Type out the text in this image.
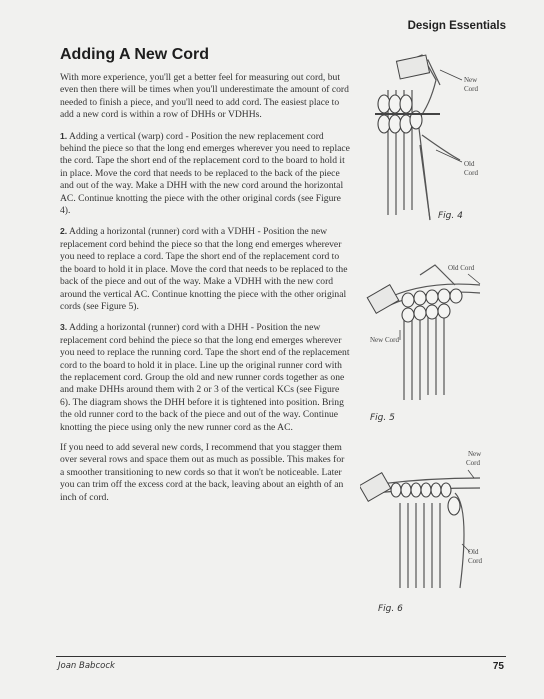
Design Essentials
Adding A New Cord

With more experience, you'll get a better feel for measuring out cord, but even then there will be times when you'll underestimate the amount of cord needed to finish a piece, and you'll need to add cord. The easiest place to add a new cord is within a row of DHHs or VDHHs.

1. Adding a vertical (warp) cord - Position the new replacement cord behind the piece so that the long end emerges wherever you need to replace the cord. Tape the short end of the replacement cord to the board to hold it in place. Move the cord that needs to be replaced to the back of the piece and out of the way. Make a DHH with the new cord around the horizontal AC. Continue knotting the piece with the other original cords (see Figure 4).

2. Adding a horizontal (runner) cord with a VDHH - Position the new replacement cord behind the piece so that the long end emerges wherever you need to replace a cord. Tape the short end of the replacement cord to the board to hold it in place. Move the cord that needs to be replaced to the back of the piece and out of the way. Make a VDHH with the new cord around the vertical AC. Continue knotting the piece with the other original cords (see Figure 5).

3. Adding a horizontal (runner) cord with a DHH - Position the new replacement cord behind the piece so that the long end emerges wherever you need to replace the running cord. Tape the short end of the replacement cord to the board to hold it in place. Line up the original runner cord with the replacement cord. Group the old and new runner cords together as one and make DHHs around them with 2 or 3 of the vertical KCs (see Figure 6). The diagram shows the DHH before it is tightened into position. Bring the old runner cord to the back of the piece and out of the way. Continue knotting the piece using only the new runner cord as the AC.

If you need to add several new cords, I recommend that you stagger them over several rows and space them out as much as possible. This makes for a smoother transitioning to new cords so that it won't be noticeable. Later you can trim off the excess cord at the back, leaving about an eighth of an inch of cord.

New
Cord
Old
Cord
Fig. 4
Old Cord
New Cord
Fig. 5
New
Cord
Old
Cord
Fig. 6
Joan Babcock	75
